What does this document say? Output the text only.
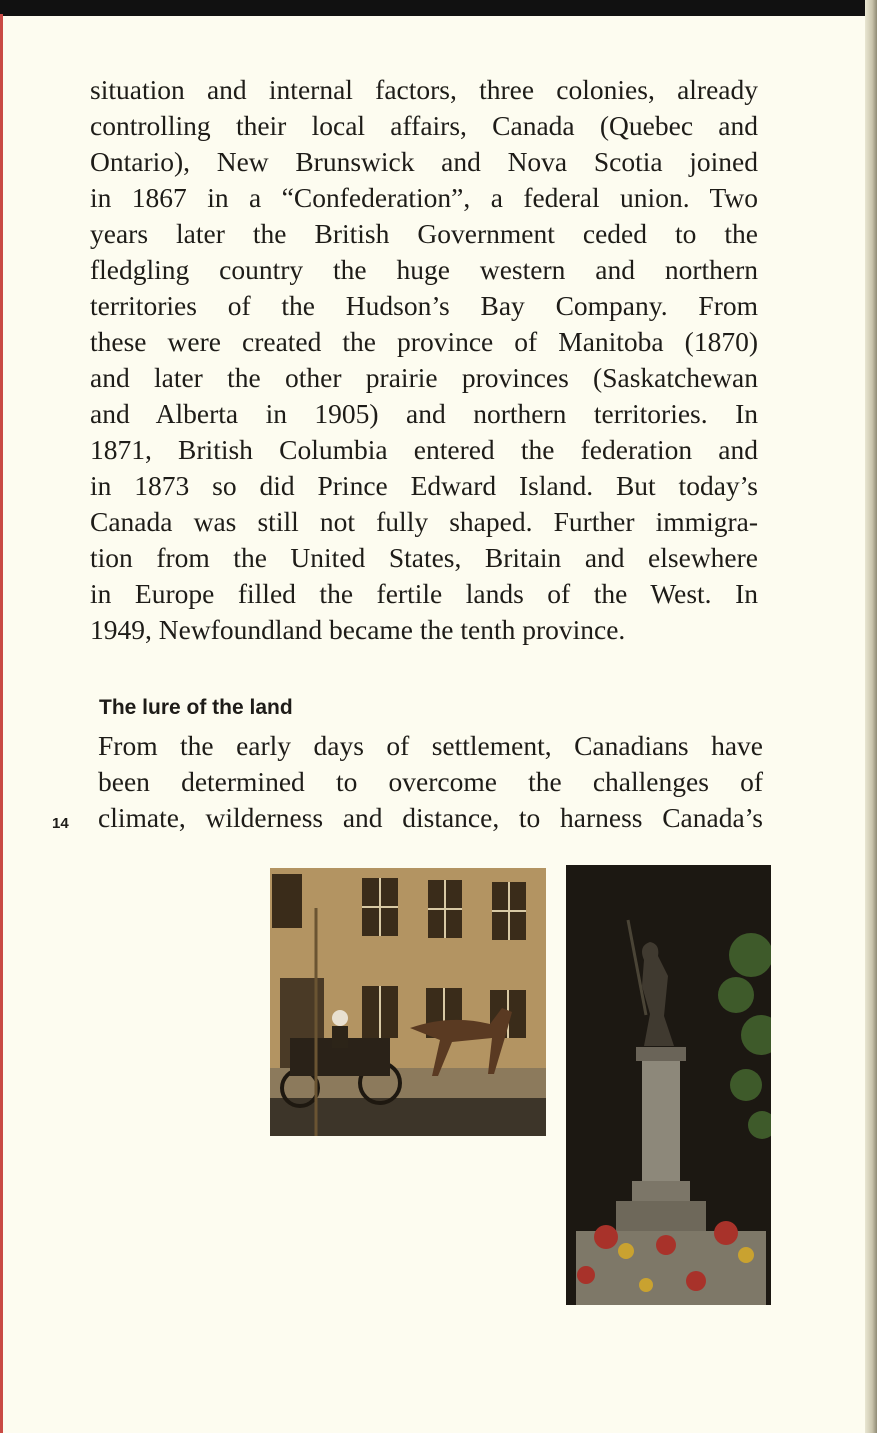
situation and internal factors, three colonies, already
controlling their local affairs, Canada (Quebec and
Ontario), New Brunswick and Nova Scotia joined
in 1867 in a “Confederation”, a federal union. Two
years later the British Government ceded to the
fledgling country the huge western and northern
territories of the Hudson’s Bay Company. From
these were created the province of Manitoba (1870)
and later the other prairie provinces (Saskatchewan
and Alberta in 1905) and northern territories. In
1871, British Columbia entered the federation and
in 1873 so did Prince Edward Island. But today’s
Canada was still not fully shaped. Further immigra-
tion from the United States, Britain and elsewhere
in Europe filled the fertile lands of the West. In
1949, Newfoundland became the tenth province.
The lure of the land
From the early days of settlement, Canadians have
been determined to overcome the challenges of
climate, wilderness and distance, to harness Canada’s
14
